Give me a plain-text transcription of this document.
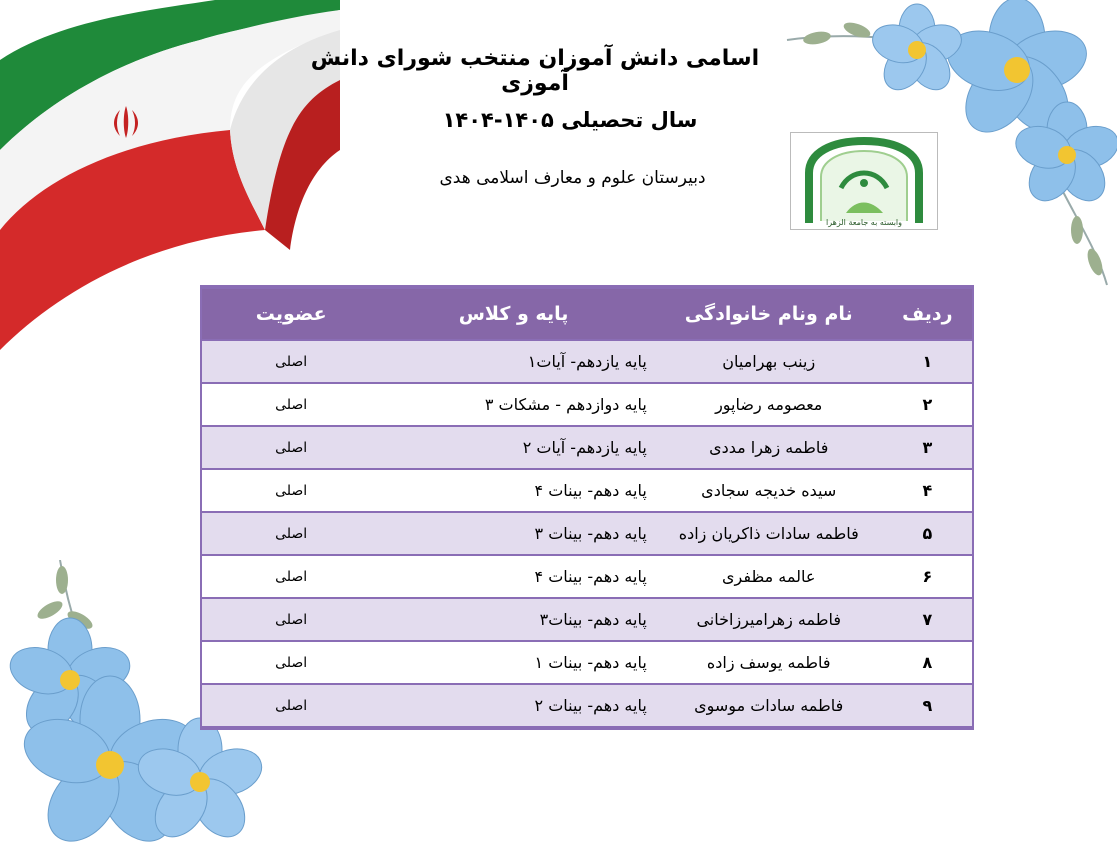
اسامی دانش آموزان منتخب شورای دانش آموزی
سال تحصیلی ۱۴۰۵-۱۴۰۴
دبیرستان علوم و معارف اسلامی هدی
وابسته به جامعة الزهرا
ردیف	نام ونام خانوادگی	پایه و کلاس	عضویت
۱	زینب بهرامیان	پایه یازدهم- آیات۱	اصلی
۲	معصومه رضاپور	پایه دوازدهم - مشکات ۳	اصلی
۳	فاطمه زهرا مددی	پایه یازدهم- آیات ۲	اصلی
۴	سیده خدیجه سجادی	پایه دهم- بینات ۴	اصلی
۵	فاطمه سادات ذاکریان زاده	پایه دهم- بینات ۳	اصلی
۶	عالمه مظفری	پایه دهم- بینات ۴	اصلی
۷	فاطمه زهرامیرزاخانی	پایه دهم- بینات۳	اصلی
۸	فاطمه یوسف زاده	پایه دهم- بینات ۱	اصلی
۹	فاطمه سادات موسوی	پایه دهم- بینات ۲	اصلی
